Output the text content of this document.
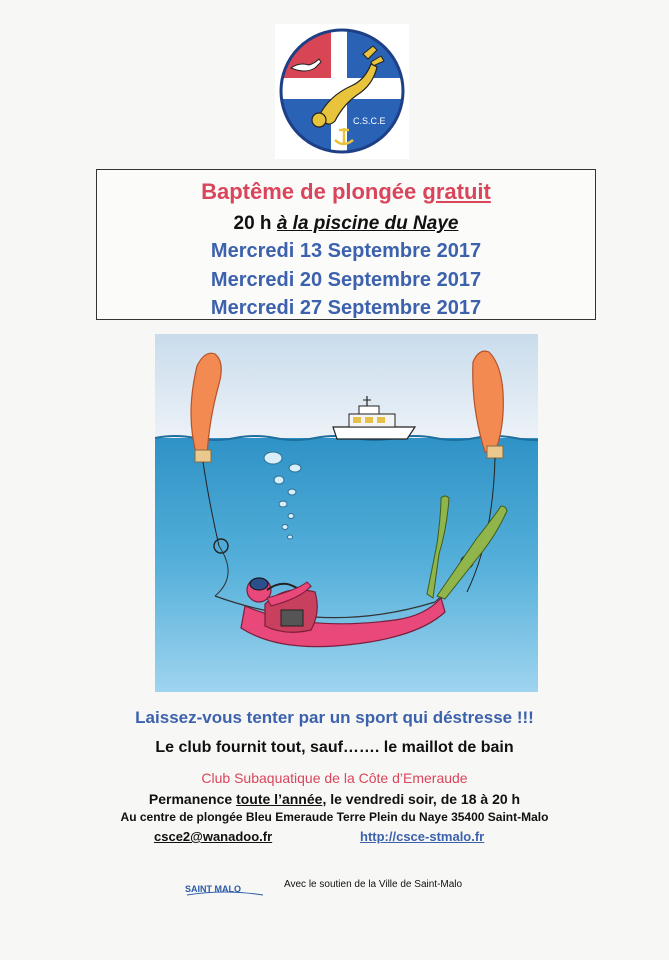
C.S.C.E
Baptême de plongée gratuit
20 h à la piscine du Naye
Mercredi 13 Septembre 2017
Mercredi 20 Septembre 2017
Mercredi 27 Septembre 2017
Laissez-vous tenter par un sport qui déstresse !!!
Le club fournit tout, sauf……. le maillot de bain
Club Subaquatique de la Côte d’Emeraude
Permanence toute l’année, le vendredi soir, de 18 à 20 h
Au centre de plongée Bleu Emeraude Terre Plein du Naye 35400 Saint-Malo
csce2@wanadoo.fr	http://csce-stmalo.fr
SAINT MALO	Avec le soutien de la Ville de Saint-Malo
